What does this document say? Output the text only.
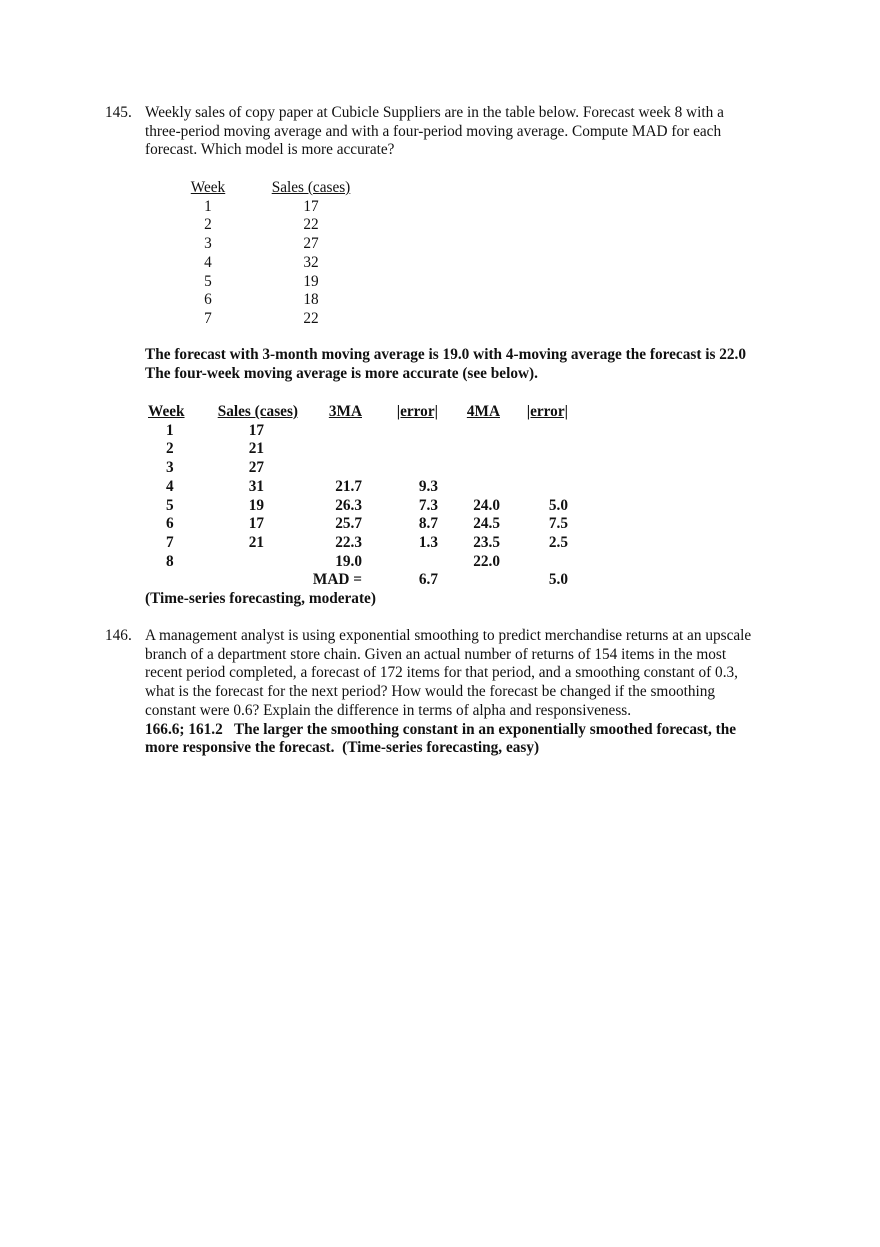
145. Weekly sales of copy paper at Cubicle Suppliers are in the table below. Forecast week 8 with a
three-period moving average and with a four-period moving average. Compute MAD for each
forecast. Which model is more accurate?
Week		Sales (cases)
1		17
2		22
3		27
4		32
5		19
6		18
7		22
The forecast with 3-month moving average is 19.0 with 4-moving average the forecast is 22.0
The four-week moving average is more accurate (see below).
Week	Sales (cases)	3MA	|error|	4MA	|error|
1	17				
2	21				
3	27				
4	31	21.7	9.3		
5	19	26.3	7.3	24.0	5.0
6	17	25.7	8.7	24.5	7.5
7	21	22.3	1.3	23.5	2.5
8		19.0		22.0	
		MAD =	6.7		5.0
(Time-series forecasting, moderate)
146. A management analyst is using exponential smoothing to predict merchandise returns at an upscale
branch of a department store chain. Given an actual number of returns of 154 items in the most
recent period completed, a forecast of 172 items for that period, and a smoothing constant of 0.3,
what is the forecast for the next period? How would the forecast be changed if the smoothing
constant were 0.6? Explain the difference in terms of alpha and responsiveness.
166.6; 161.2   The larger the smoothing constant in an exponentially smoothed forecast, the
more responsive the forecast.  (Time-series forecasting, easy)
